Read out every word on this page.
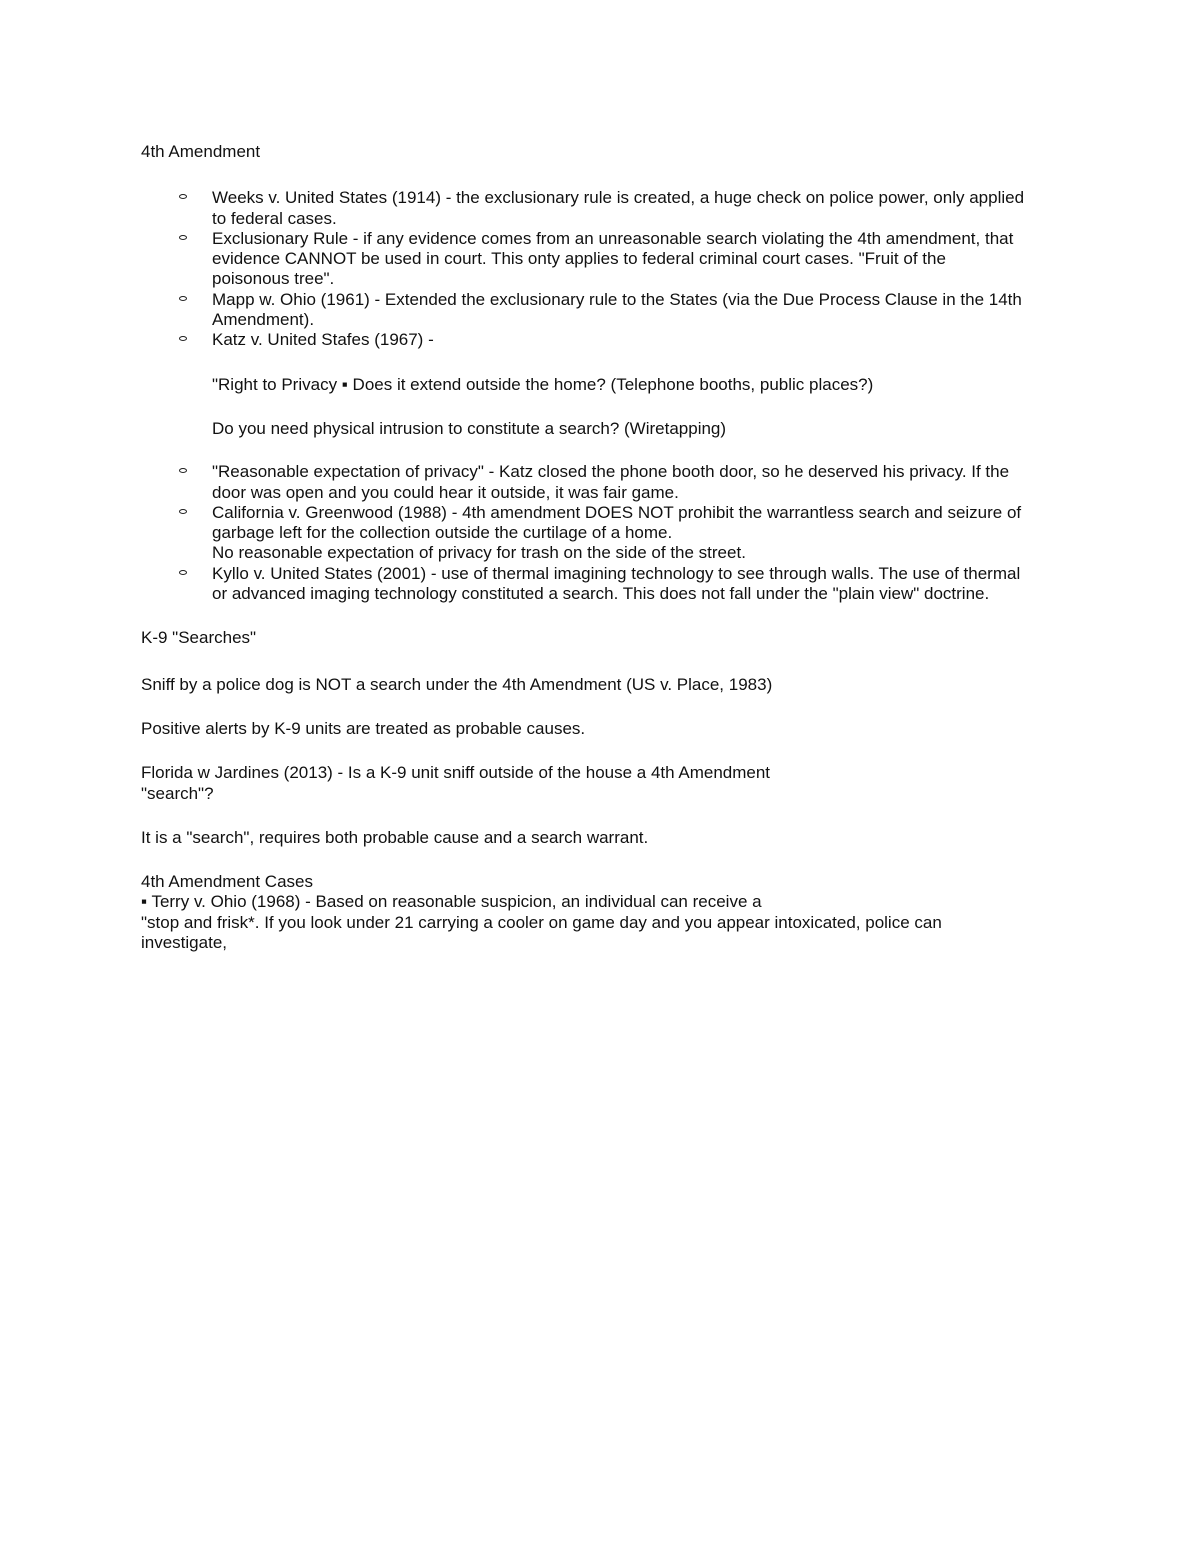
4th Amendment

Weeks v. United States (1914) - the exclusionary rule is created, a huge check on police power, only applied
to federal cases.
Exclusionary Rule - if any evidence comes from an unreasonable search violating the 4th amendment, that
evidence CANNOT be used in court. This onty applies to federal criminal court cases. "Fruit of the
poisonous tree".
Mapp w. Ohio (1961) - Extended the exclusionary rule to the States (via the Due Process Clause in the 14th
Amendment).
Katz v. United Stafes (1967) -

"Right to Privacy ▪ Does it extend outside the home? (Telephone booths, public places?)

Do you need physical intrusion to constitute a search? (Wiretapping)

"Reasonable expectation of privacy" - Katz closed the phone booth door, so he deserved his privacy. If the
door was open and you could hear it outside, it was fair game.
California v. Greenwood (1988) - 4th amendment DOES NOT prohibit the warrantless search and seizure of
garbage left for the collection outside the curtilage of a home.
No reasonable expectation of privacy for trash on the side of the street.
Kyllo v. United States (2001) - use of thermal imagining technology to see through walls. The use of thermal
or advanced imaging technology constituted a search. This does not fall under the "plain view" doctrine.

K-9 "Searches"

Sniff by a police dog is NOT a search under the 4th Amendment (US v. Place, 1983)

Positive alerts by K-9 units are treated as probable causes.

Florida w Jardines (2013) - Is a K-9 unit sniff outside of the house a 4th Amendment
"search"?

It is a "search", requires both probable cause and a search warrant.

4th Amendment Cases

▪ Terry v. Ohio (1968) - Based on reasonable suspicion, an individual can receive a
"stop and frisk*. If you look under 21 carrying a cooler on game day and you appear intoxicated, police can
investigate,
